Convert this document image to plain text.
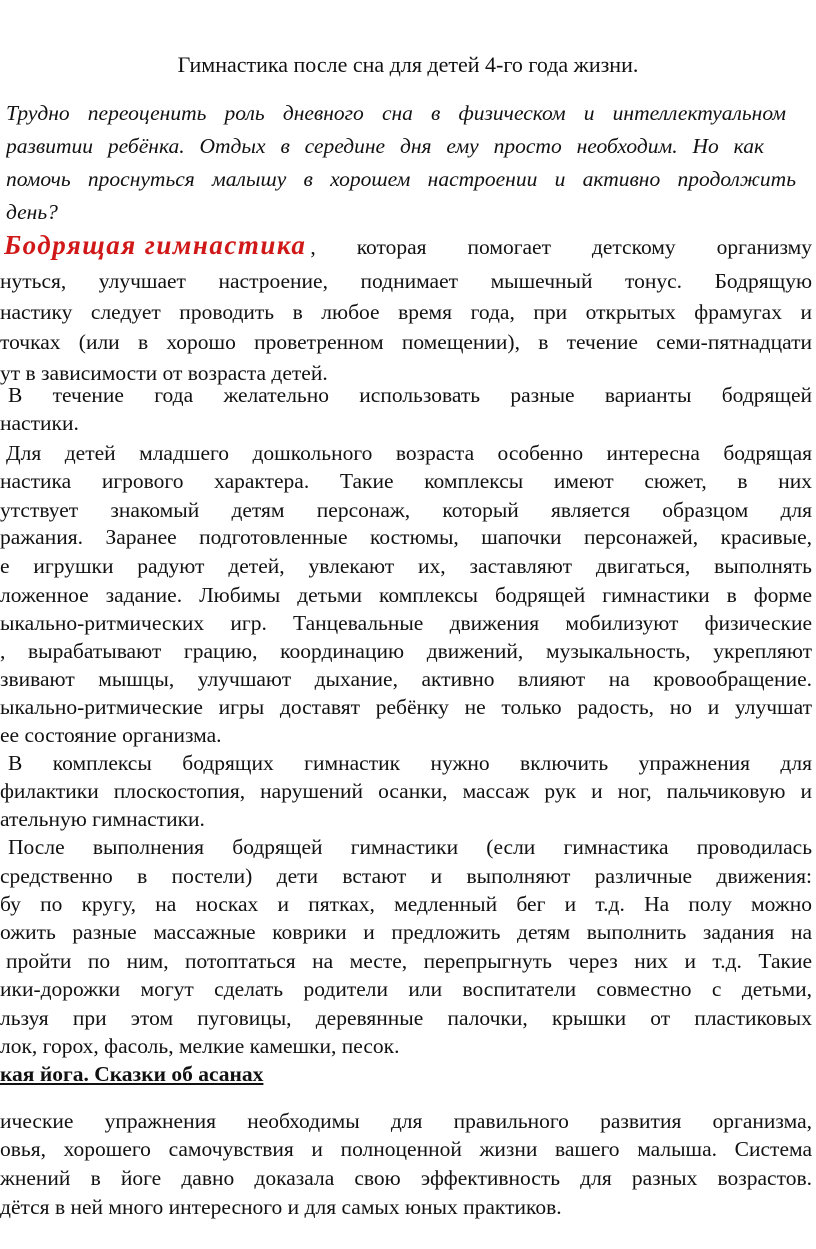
Гимнастика после сна для детей 4-го года жизни.
Трудно переоценить роль дневного сна в физическом и интеллектуальном
развитии ребёнка. Отдых в середине дня ему просто необходим. Но как
помочь проснуться малышу в хорошем настроении и активно продолжить
день?
Бодрящая гимнастика , которая помогает детскому организму
нуться, улучшает настроение, поднимает мышечный тонус. Бодрящую
настику следует проводить в любое время года, при открытых фрамугах и
точках (или в хорошо проветренном помещении), в течение семи-пятнадцати
ут в зависимости от возраста детей.
В течение года желательно использовать разные варианты бодрящей
настики.
Для детей младшего дошкольного возраста особенно интересна бодрящая
настика игрового характера. Такие комплексы имеют сюжет, в них
утствует знакомый детям персонаж, который является образцом для
ражания. Заранее подготовленные костюмы, шапочки персонажей, красивые,
е игрушки радуют детей, увлекают их, заставляют двигаться, выполнять
ложенное задание. Любимы детьми комплексы бодрящей гимнастики в форме
ыкально-ритмических игр. Танцевальные движения мобилизуют физические
, вырабатывают грацию, координацию движений, музыкальность, укрепляют
звивают мышцы, улучшают дыхание, активно влияют на кровообращение.
ыкально-ритмические игры доставят ребёнку не только радость, но и улучшат
ее состояние организма.
В комплексы бодрящих гимнастик нужно включить упражнения для
филактики плоскостопия, нарушений осанки, массаж рук и ног, пальчиковую и
ательную гимнастики.
После выполнения бодрящей гимнастики (если гимнастика проводилась
средственно в постели) дети встают и выполняют различные движения:
бу по кругу, на носках и пятках, медленный бег и т.д. На полу можно
ожить разные массажные коврики и предложить детям выполнить задания на
пройти по ним, потоптаться на месте, перепрыгнуть через них и т.д. Такие
ики-дорожки могут сделать родители или воспитатели совместно с детьми,
льзуя при этом пуговицы, деревянные палочки, крышки от пластиковых
лок, горох, фасоль, мелкие камешки, песок.
кая йога. Сказки об асанах
ические упражнения необходимы для правильного развития организма,
овья, хорошего самочувствия и полноценной жизни вашего малыша. Система
жнений в йоге давно доказала свою эффективность для разных возрастов.
дётся в ней много интересного и для самых юных практиков.
